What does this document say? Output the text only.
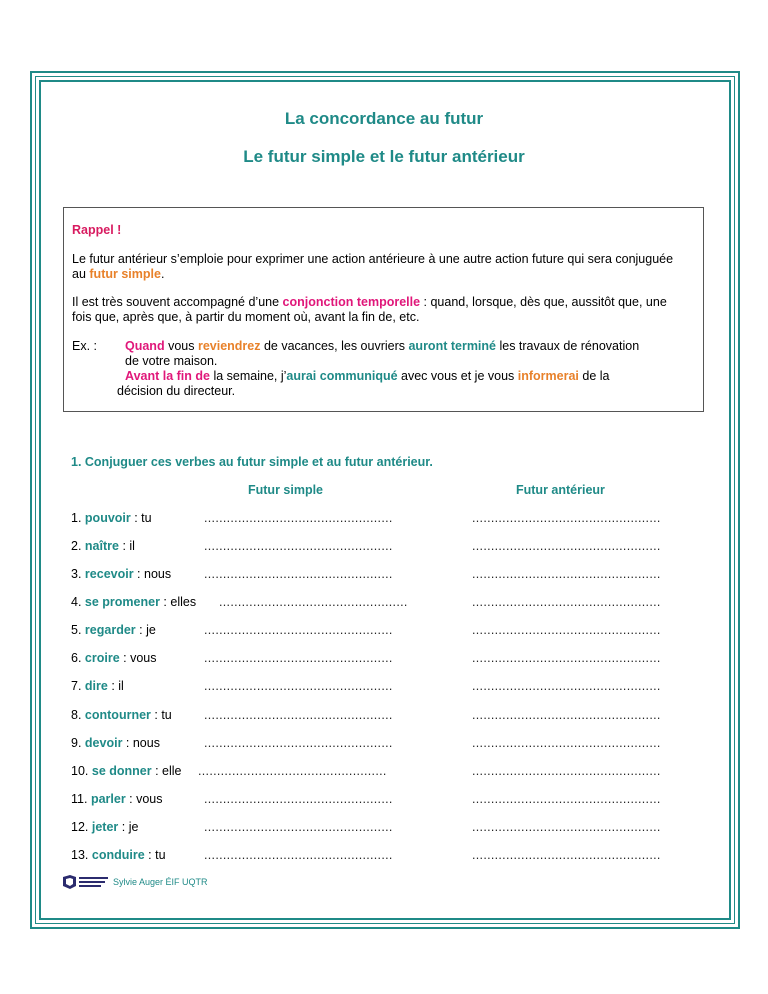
La concordance au futur
Le futur simple et le futur antérieur
Rappel !
Le futur antérieur s’emploie pour exprimer une action antérieure à une autre action future qui sera conjuguée au futur simple.
Il est très souvent accompagné d’une conjonction temporelle : quand, lorsque, dès que, aussitôt que, une fois que, après que, à partir du moment où, avant la fin de, etc.
Ex. : Quand vous reviendrez de vacances, les ouvriers auront terminé les travaux de rénovation
de votre maison.
Avant la fin de la semaine, j’aurai communiqué avec vous et je vous informerai de la
décision du directeur.
1. Conjuguer ces verbes au futur simple et au futur antérieur.
Futur simple	Futur antérieur
1. pouvoir : tu	..................................................	..................................................
2. naître : il	..................................................	..................................................
3. recevoir : nous	..................................................	..................................................
4. se promener : elles ..................................................	..................................................
5. regarder : je	..................................................	..................................................
6. croire : vous	..................................................	..................................................
7. dire : il	..................................................	..................................................
8. contourner : tu	..................................................	..................................................
9. devoir : nous	..................................................	..................................................
10. se donner : elle ..................................................	..................................................
11. parler : vous	..................................................	..................................................
12. jeter : je	..................................................	..................................................
13. conduire : tu	..................................................	..................................................
Sylvie Auger ÉIF UQTR
